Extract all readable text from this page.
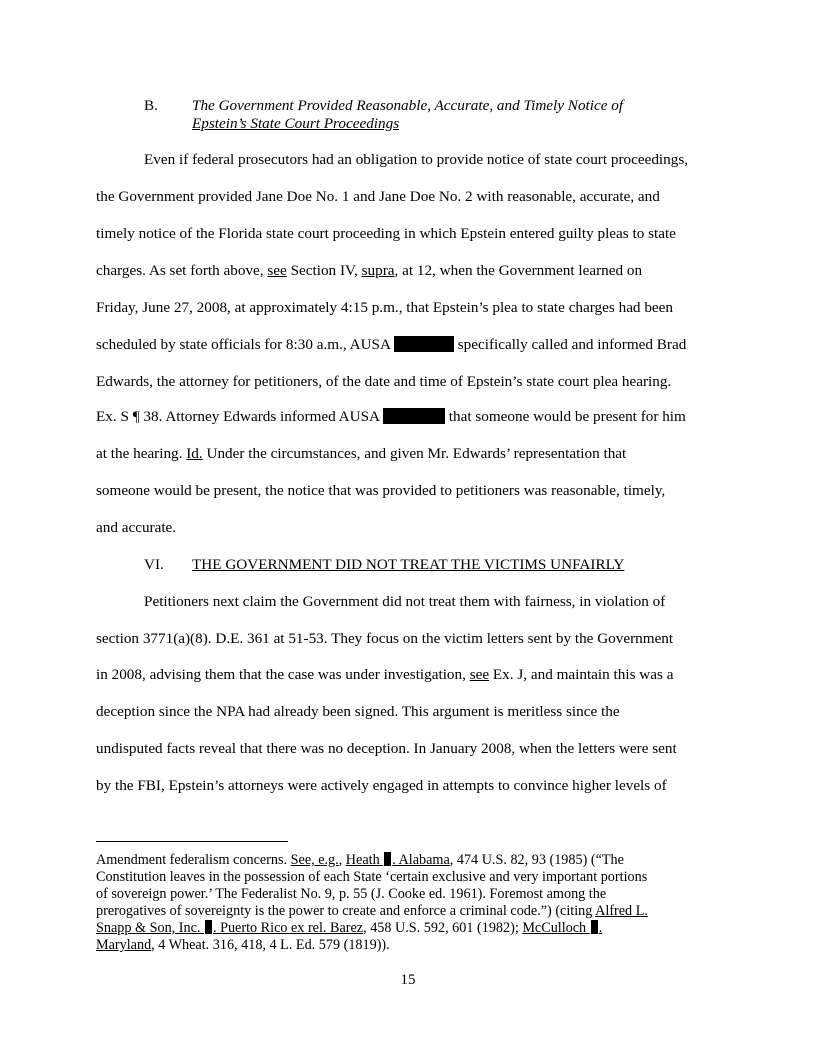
B. The Government Provided Reasonable, Accurate, and Timely Notice of
Epstein’s State Court Proceedings
Even if federal prosecutors had an obligation to provide notice of state court proceedings,
the Government provided Jane Doe No. 1 and Jane Doe No. 2 with reasonable, accurate, and
timely notice of the Florida state court proceeding in which Epstein entered guilty pleas to state
charges. As set forth above, see Section IV, supra, at 12, when the Government learned on
Friday, June 27, 2008, at approximately 4:15 p.m., that Epstein’s plea to state charges had been
scheduled by state officials for 8:30 a.m., AUSA	specifically called and informed Brad
Edwards, the attorney for petitioners, of the date and time of Epstein’s state court plea hearing.
Ex. S ¶ 38. Attorney Edwards informed AUSA	that someone would be present for him
at the hearing. Id. Under the circumstances, and given Mr. Edwards’ representation that
someone would be present, the notice that was provided to petitioners was reasonable, timely,
and accurate.
VI. THE GOVERNMENT DID NOT TREAT THE VICTIMS UNFAIRLY
Petitioners next claim the Government did not treat them with fairness, in violation of
section 3771(a)(8). D.E. 361 at 51-53. They focus on the victim letters sent by the Government
in 2008, advising them that the case was under investigation, see Ex. J, and maintain this was a
deception since the NPA had already been signed. This argument is meritless since the
undisputed facts reveal that there was no deception. In January 2008, when the letters were sent
by the FBI, Epstein’s attorneys were actively engaged in attempts to convince higher levels of
Amendment federalism concerns. See, e.g., Heath . Alabama, 474 U.S. 82, 93 (1985) (“The
Constitution leaves in the possession of each State ‘certain exclusive and very important portions
of sovereign power.’ The Federalist No. 9, p. 55 (J. Cooke ed. 1961). Foremost among the
prerogatives of sovereignty is the power to create and enforce a criminal code.”) (citing Alfred L.
Snapp & Son, Inc. . Puerto Rico ex rel. Barez, 458 U.S. 592, 601 (1982); McCulloch .
Maryland, 4 Wheat. 316, 418, 4 L. Ed. 579 (1819)).
15
